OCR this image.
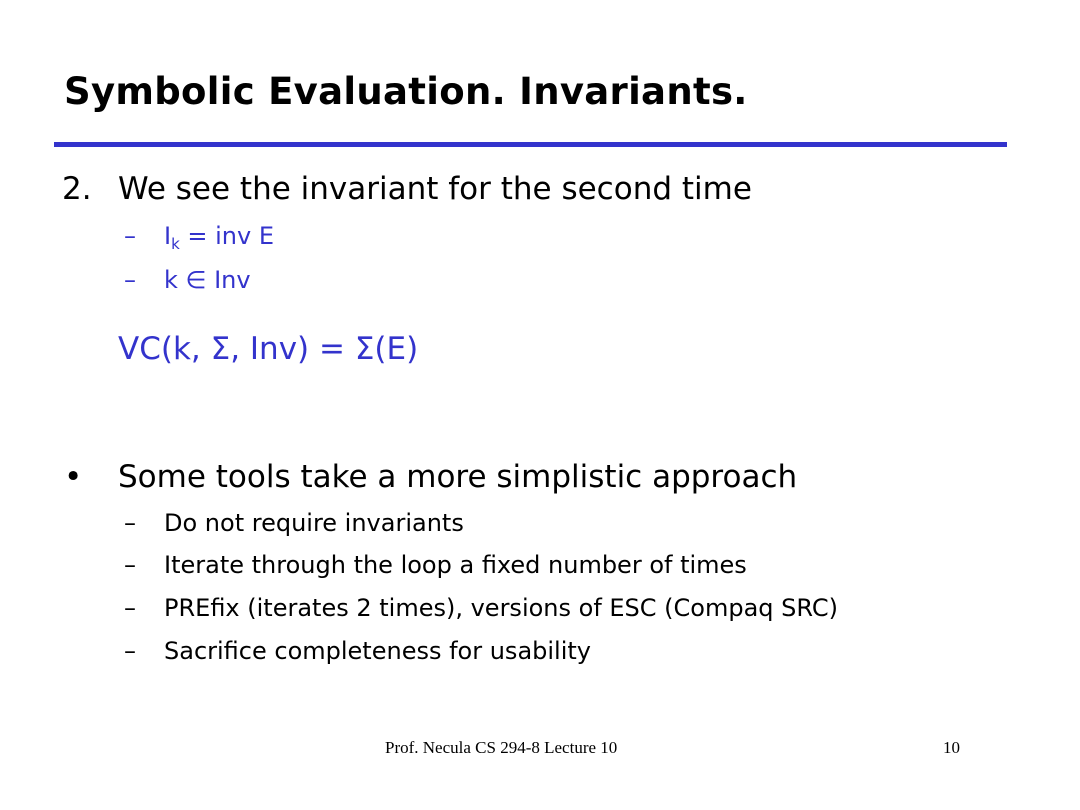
Symbolic Evaluation. Invariants.
2. We see the invariant for the second time
– $I_k$ = inv E
– k ∈ Inv
VC(k, Σ, Inv) = Σ(E)
• Some tools take a more simplistic approach
– Do not require invariants
– Iterate through the loop a fixed number of times
– PREfix (iterates 2 times), versions of ESC (Compaq SRC)
– Sacrifice completeness for usability
Prof. Necula CS 294-8 Lecture 10	10
